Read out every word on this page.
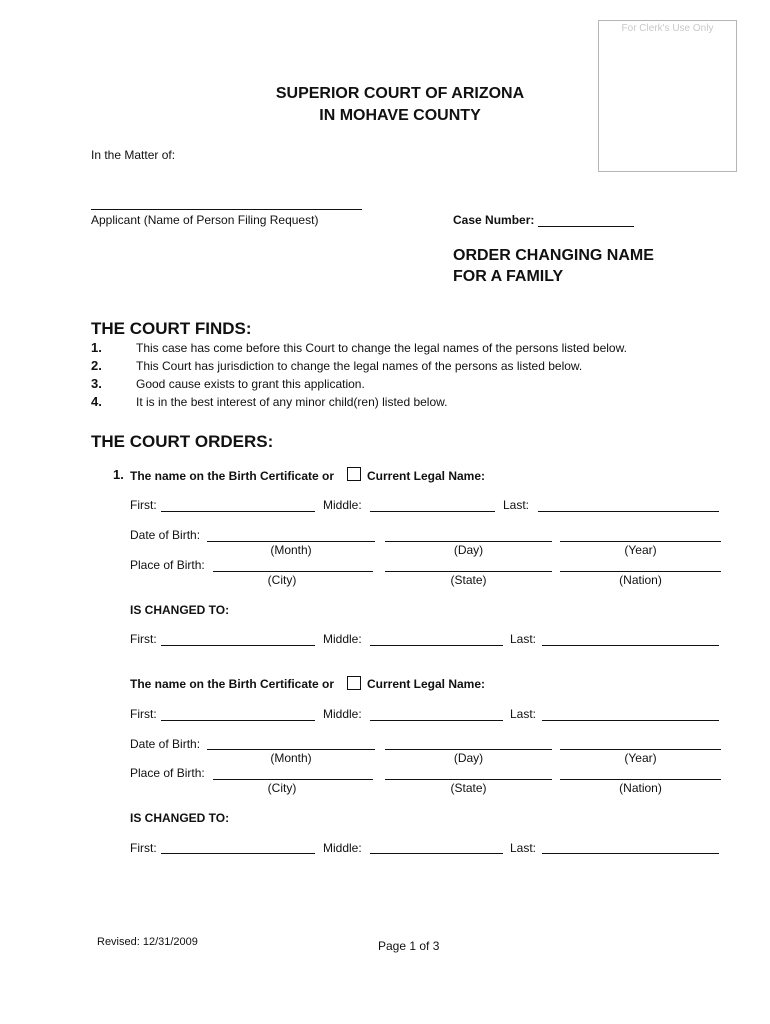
For Clerk's Use Only
SUPERIOR COURT OF ARIZONA
IN MOHAVE COUNTY
In the Matter of:
Applicant (Name of Person Filing Request)	Case Number:
ORDER CHANGING NAME
FOR A FAMILY
THE COURT FINDS:
1.	This case has come before this Court to change the legal names of the persons listed below.
2.	This Court has jurisdiction to change the legal names of the persons as listed below.
3.	Good cause exists to grant this application.
4.	It is in the best interest of any minor child(ren) listed below.
THE COURT ORDERS:
1. The name on the Birth Certificate or	Current Legal Name:
First:	Middle:	Last:
Date of Birth:
(Month)	(Day)	(Year)
Place of Birth:
(City)	(State)	(Nation)
IS CHANGED TO:
First:	Middle:	Last:
The name on the Birth Certificate or	Current Legal Name:
First:	Middle:	Last:
Date of Birth:
(Month)	(Day)	(Year)
Place of Birth:
(City)	(State)	(Nation)
IS CHANGED TO:
First:	Middle:	Last:
Revised: 12/31/2009	Page 1 of 3
